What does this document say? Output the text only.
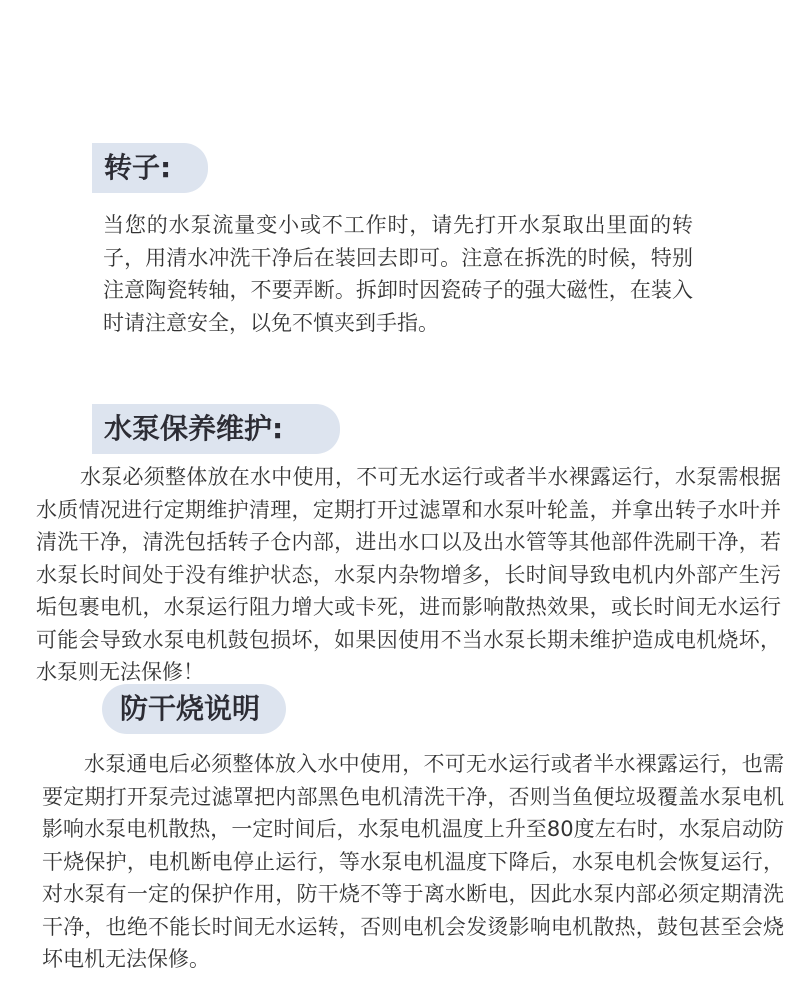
转子:

当您的水泵流量变小或不工作时，请先打开水泵取出里面的转子，用清水冲洗干净后在装回去即可。注意在拆洗的时候，特别注意陶瓷转轴，不要弄断。拆卸时因瓷砖子的强大磁性，在装入时请注意安全，以免不慎夹到手指。

水泵保养维护:

水泵必须整体放在水中使用，不可无水运行或者半水裸露运行，水泵需根据水质情况进行定期维护清理，定期打开过滤罩和水泵叶轮盖，并拿出转子水叶并清洗干净，清洗包括转子仓内部，进出水口以及出水管等其他部件洗刷干净，若水泵长时间处于没有维护状态，水泵内杂物增多，长时间导致电机内外部产生污垢包裹电机，水泵运行阻力增大或卡死，进而影响散热效果，或长时间无水运行可能会导致水泵电机鼓包损坏，如果因使用不当水泵长期未维护造成电机烧坏，水泵则无法保修！

防干烧说明

水泵通电后必须整体放入水中使用，不可无水运行或者半水裸露运行，也需要定期打开泵壳过滤罩把内部黑色电机清洗干净，否则当鱼便垃圾覆盖水泵电机影响水泵电机散热，一定时间后，水泵电机温度上升至80度左右时，水泵启动防干烧保护，电机断电停止运行，等水泵电机温度下降后，水泵电机会恢复运行，对水泵有一定的保护作用，防干烧不等于离水断电，因此水泵内部必须定期清洗干净，也绝不能长时间无水运转，否则电机会发烫影响电机散热，鼓包甚至会烧坏电机无法保修。
